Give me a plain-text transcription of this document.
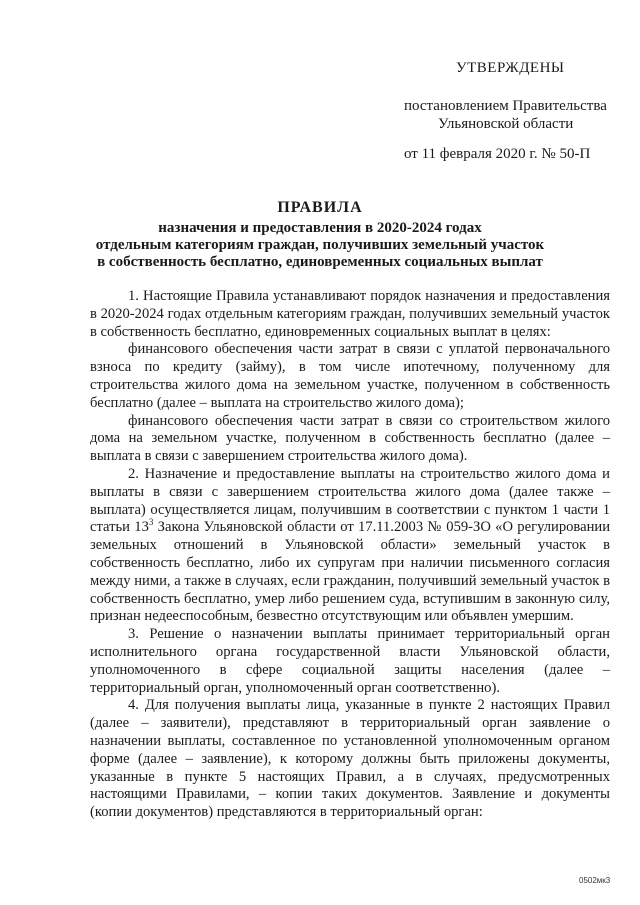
УТВЕРЖДЕНЫ
постановлением Правительства
Ульяновской области
от 11 февраля 2020 г. № 50-П
ПРАВИЛА
назначения и предоставления в 2020-2024 годах
отдельным категориям граждан, получивших земельный участок
в собственность бесплатно, единовременных социальных выплат

1. Настоящие Правила устанавливают порядок назначения и предоставления в 2020-2024 годах отдельным категориям граждан, получивших земельный участок в собственность бесплатно, единовременных социальных выплат в целях:

финансового обеспечения части затрат в связи с уплатой первоначального взноса по кредиту (займу), в том числе ипотечному, полученному для строительства жилого дома на земельном участке, полученном в собственность бесплатно (далее – выплата на строительство жилого дома);

финансового обеспечения части затрат в связи со строительством жилого дома на земельном участке, полученном в собственность бесплатно (далее – выплата в связи с завершением строительства жилого дома).

2. Назначение и предоставление выплаты на строительство жилого дома и выплаты в связи с завершением строительства жилого дома (далее также – выплата) осуществляется лицам, получившим в соответствии с пунктом 1 части 1 статьи $13^3$ Закона Ульяновской области от 17.11.2003 № 059-ЗО «О регулировании земельных отношений в Ульяновской области» земельный участок в собственность бесплатно, либо их супругам при наличии письменного согласия между ними, а также в случаях, если гражданин, получивший земельный участок в собственность бесплатно, умер либо решением суда, вступившим в законную силу, признан недееспособным, безвестно отсутствующим или объявлен умершим.

3. Решение о назначении выплаты принимает территориальный орган исполнительного органа государственной власти Ульяновской области, уполномоченного в сфере социальной защиты населения (далее – территориальный орган, уполномоченный орган соответственно).

4. Для получения выплаты лица, указанные в пункте 2 настоящих Правил (далее – заявители), представляют в территориальный орган заявление о назначении выплаты, составленное по установленной уполномоченным органом форме (далее – заявление), к которому должны быть приложены документы, указанные в пункте 5 настоящих Правил, а в случаях, предусмотренных настоящими Правилами, – копии таких документов. Заявление и документы (копии документов) представляются в территориальный орган:

0502мк3
